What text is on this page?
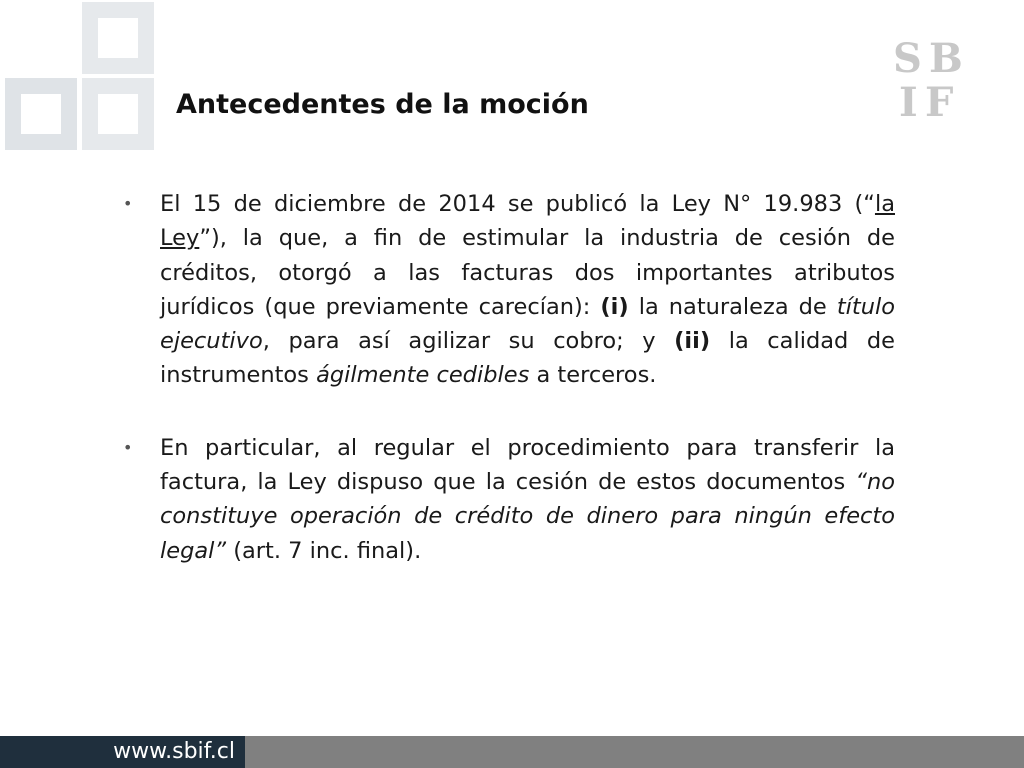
S B
I F
Antecedentes de la moción
• El 15 de diciembre de 2014 se publicó la Ley N° 19.983 (“la Ley”), la que, a fin de estimular la industria de cesión de créditos, otorgó a las facturas dos importantes atributos jurídicos (que previamente carecían): (i) la naturaleza de título ejecutivo, para así agilizar su cobro; y (ii) la calidad de instrumentos ágilmente cedibles a terceros.
• En particular, al regular el procedimiento para transferir la factura, la Ley dispuso que la cesión de estos documentos “no constituye operación de crédito de dinero para ningún efecto legal” (art. 7 inc. final).
www.sbif.cl
